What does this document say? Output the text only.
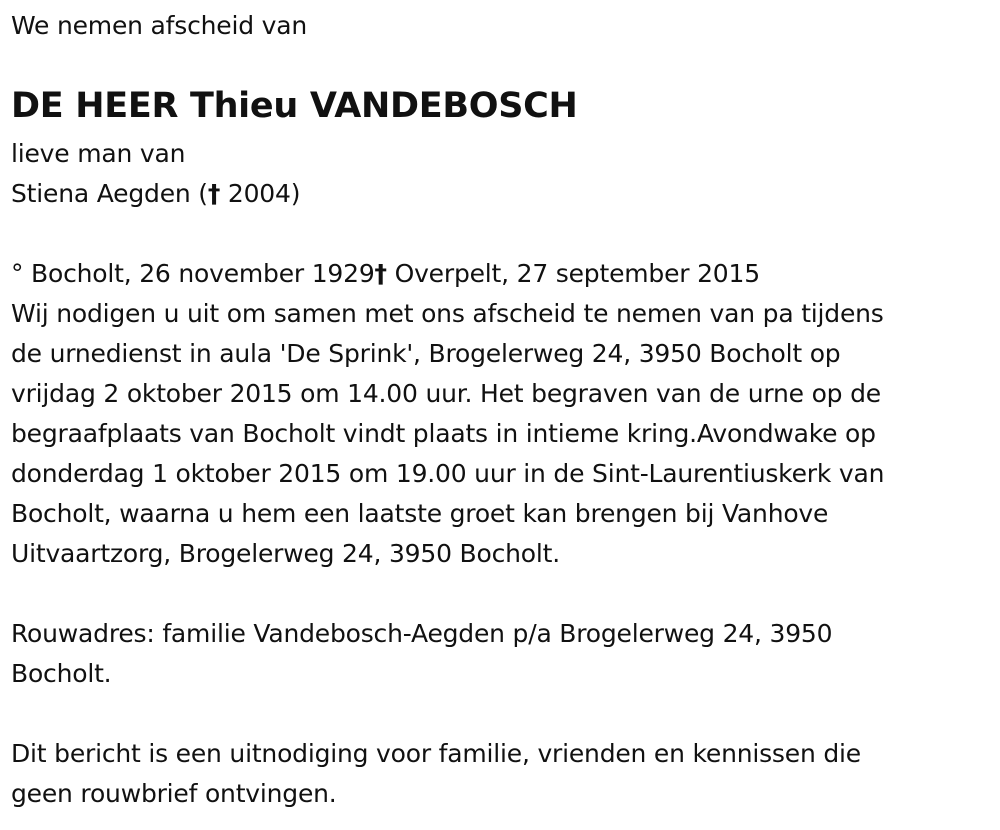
We nemen afscheid van
DE HEER Thieu VANDEBOSCH
lieve man van
Stiena Aegden († 2004)
° Bocholt, 26 november 1929† Overpelt, 27 september 2015
Wij nodigen u uit om samen met ons afscheid te nemen van pa tijdens
de urnedienst in aula 'De Sprink', Brogelerweg 24, 3950 Bocholt op
vrijdag 2 oktober 2015 om 14.00 uur. Het begraven van de urne op de
begraafplaats van Bocholt vindt plaats in intieme kring.Avondwake op
donderdag 1 oktober 2015 om 19.00 uur in de Sint-Laurentiuskerk van
Bocholt, waarna u hem een laatste groet kan brengen bij Vanhove
Uitvaartzorg, Brogelerweg 24, 3950 Bocholt.
Rouwadres: familie Vandebosch-Aegden p/a Brogelerweg 24, 3950
Bocholt.
Dit bericht is een uitnodiging voor familie, vrienden en kennissen die
geen rouwbrief ontvingen.
